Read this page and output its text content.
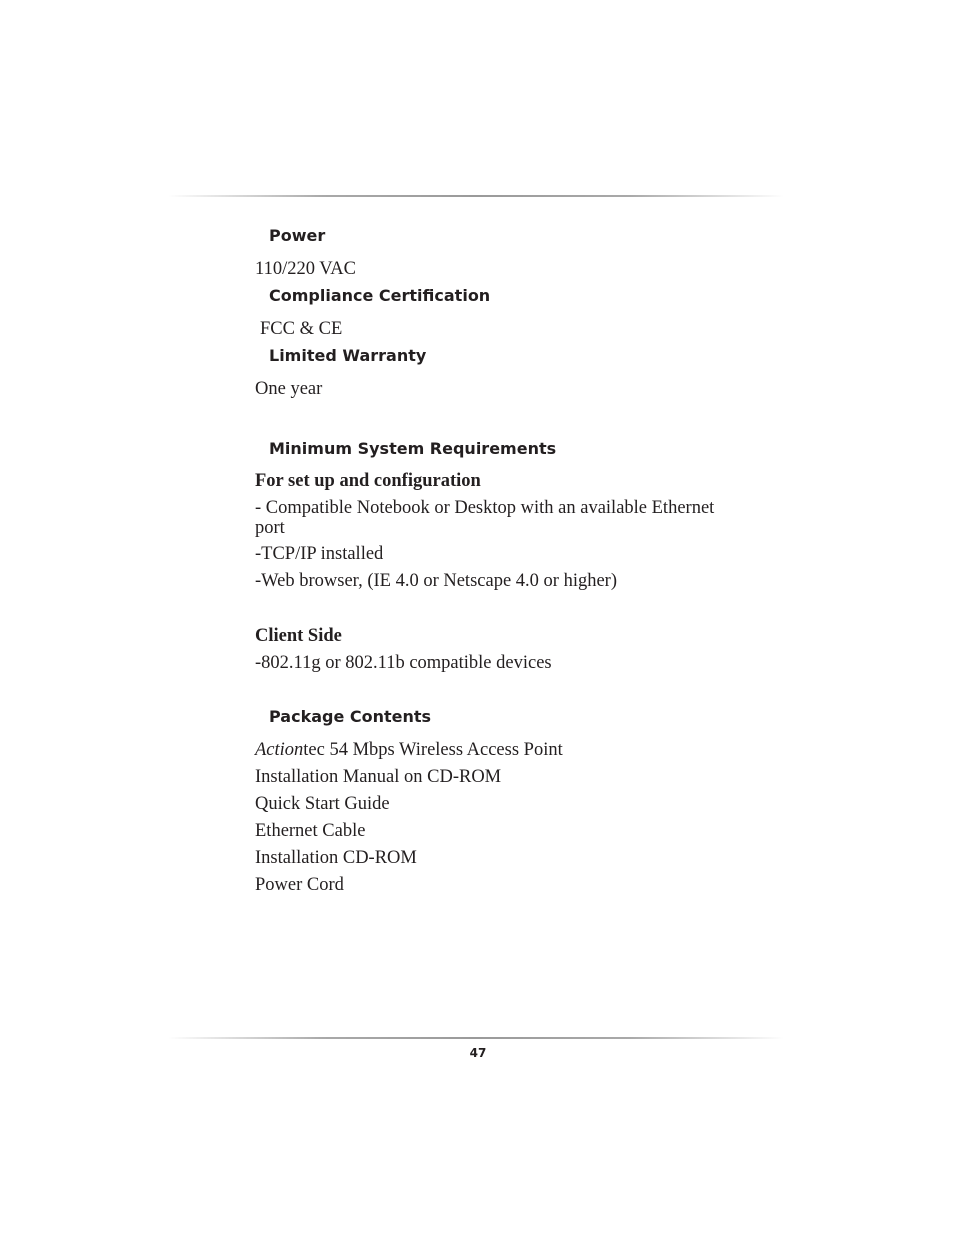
Power
110/220 VAC
Compliance Certification
FCC & CE
Limited Warranty
One year
Minimum System Requirements
For set up and configuration
- Compatible Notebook or Desktop with an available Ethernet port
-TCP/IP installed
-Web browser, (IE 4.0 or Netscape 4.0 or higher)
Client Side
-802.11g or 802.11b compatible devices
Package Contents
Actiontec 54 Mbps Wireless Access Point
Installation Manual on CD-ROM
Quick Start Guide
Ethernet Cable
Installation CD-ROM
Power Cord
47
